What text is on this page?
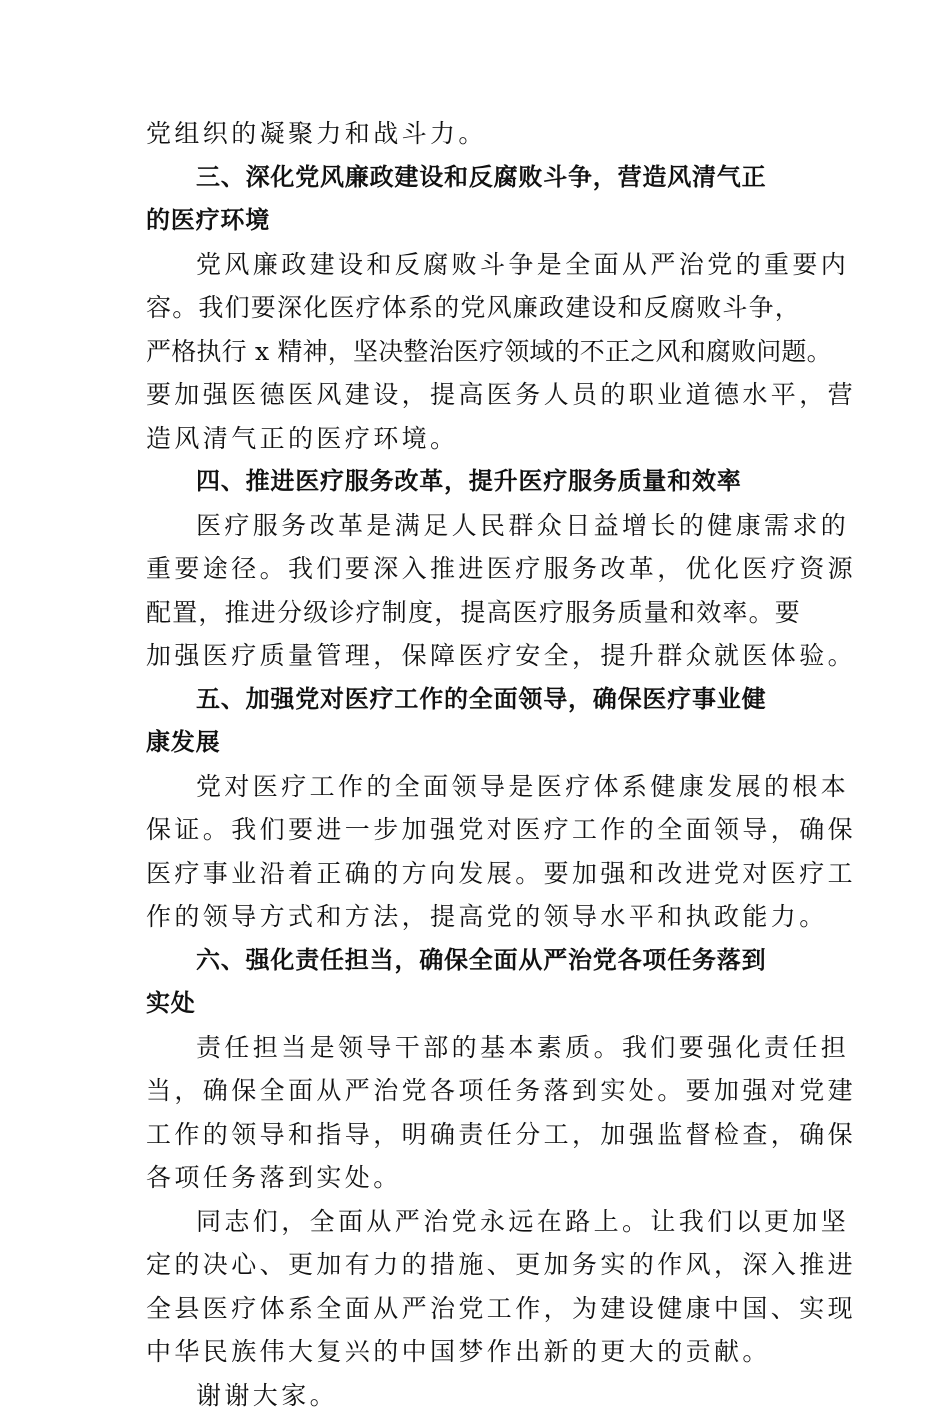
党组织的凝聚力和战斗力。

三、深化党风廉政建设和反腐败斗争，营造风清气正

的医疗环境

党风廉政建设和反腐败斗争是全面从严治党的重要内

容。我们要深化医疗体系的党风廉政建设和反腐败斗争，

严格执行 x 精神，坚决整治医疗领域的不正之风和腐败问题。

要加强医德医风建设，提高医务人员的职业道德水平，营

造风清气正的医疗环境。

四、推进医疗服务改革，提升医疗服务质量和效率

医疗服务改革是满足人民群众日益增长的健康需求的

重要途径。我们要深入推进医疗服务改革，优化医疗资源

配置，推进分级诊疗制度，提高医疗服务质量和效率。要

加强医疗质量管理，保障医疗安全，提升群众就医体验。

五、加强党对医疗工作的全面领导，确保医疗事业健

康发展

党对医疗工作的全面领导是医疗体系健康发展的根本

保证。我们要进一步加强党对医疗工作的全面领导，确保

医疗事业沿着正确的方向发展。要加强和改进党对医疗工

作的领导方式和方法，提高党的领导水平和执政能力。

六、强化责任担当，确保全面从严治党各项任务落到

实处

责任担当是领导干部的基本素质。我们要强化责任担

当，确保全面从严治党各项任务落到实处。要加强对党建

工作的领导和指导，明确责任分工，加强监督检查，确保

各项任务落到实处。

同志们，全面从严治党永远在路上。让我们以更加坚

定的决心、更加有力的措施、更加务实的作风，深入推进

全县医疗体系全面从严治党工作，为建设健康中国、实现

中华民族伟大复兴的中国梦作出新的更大的贡献。

谢谢大家。
